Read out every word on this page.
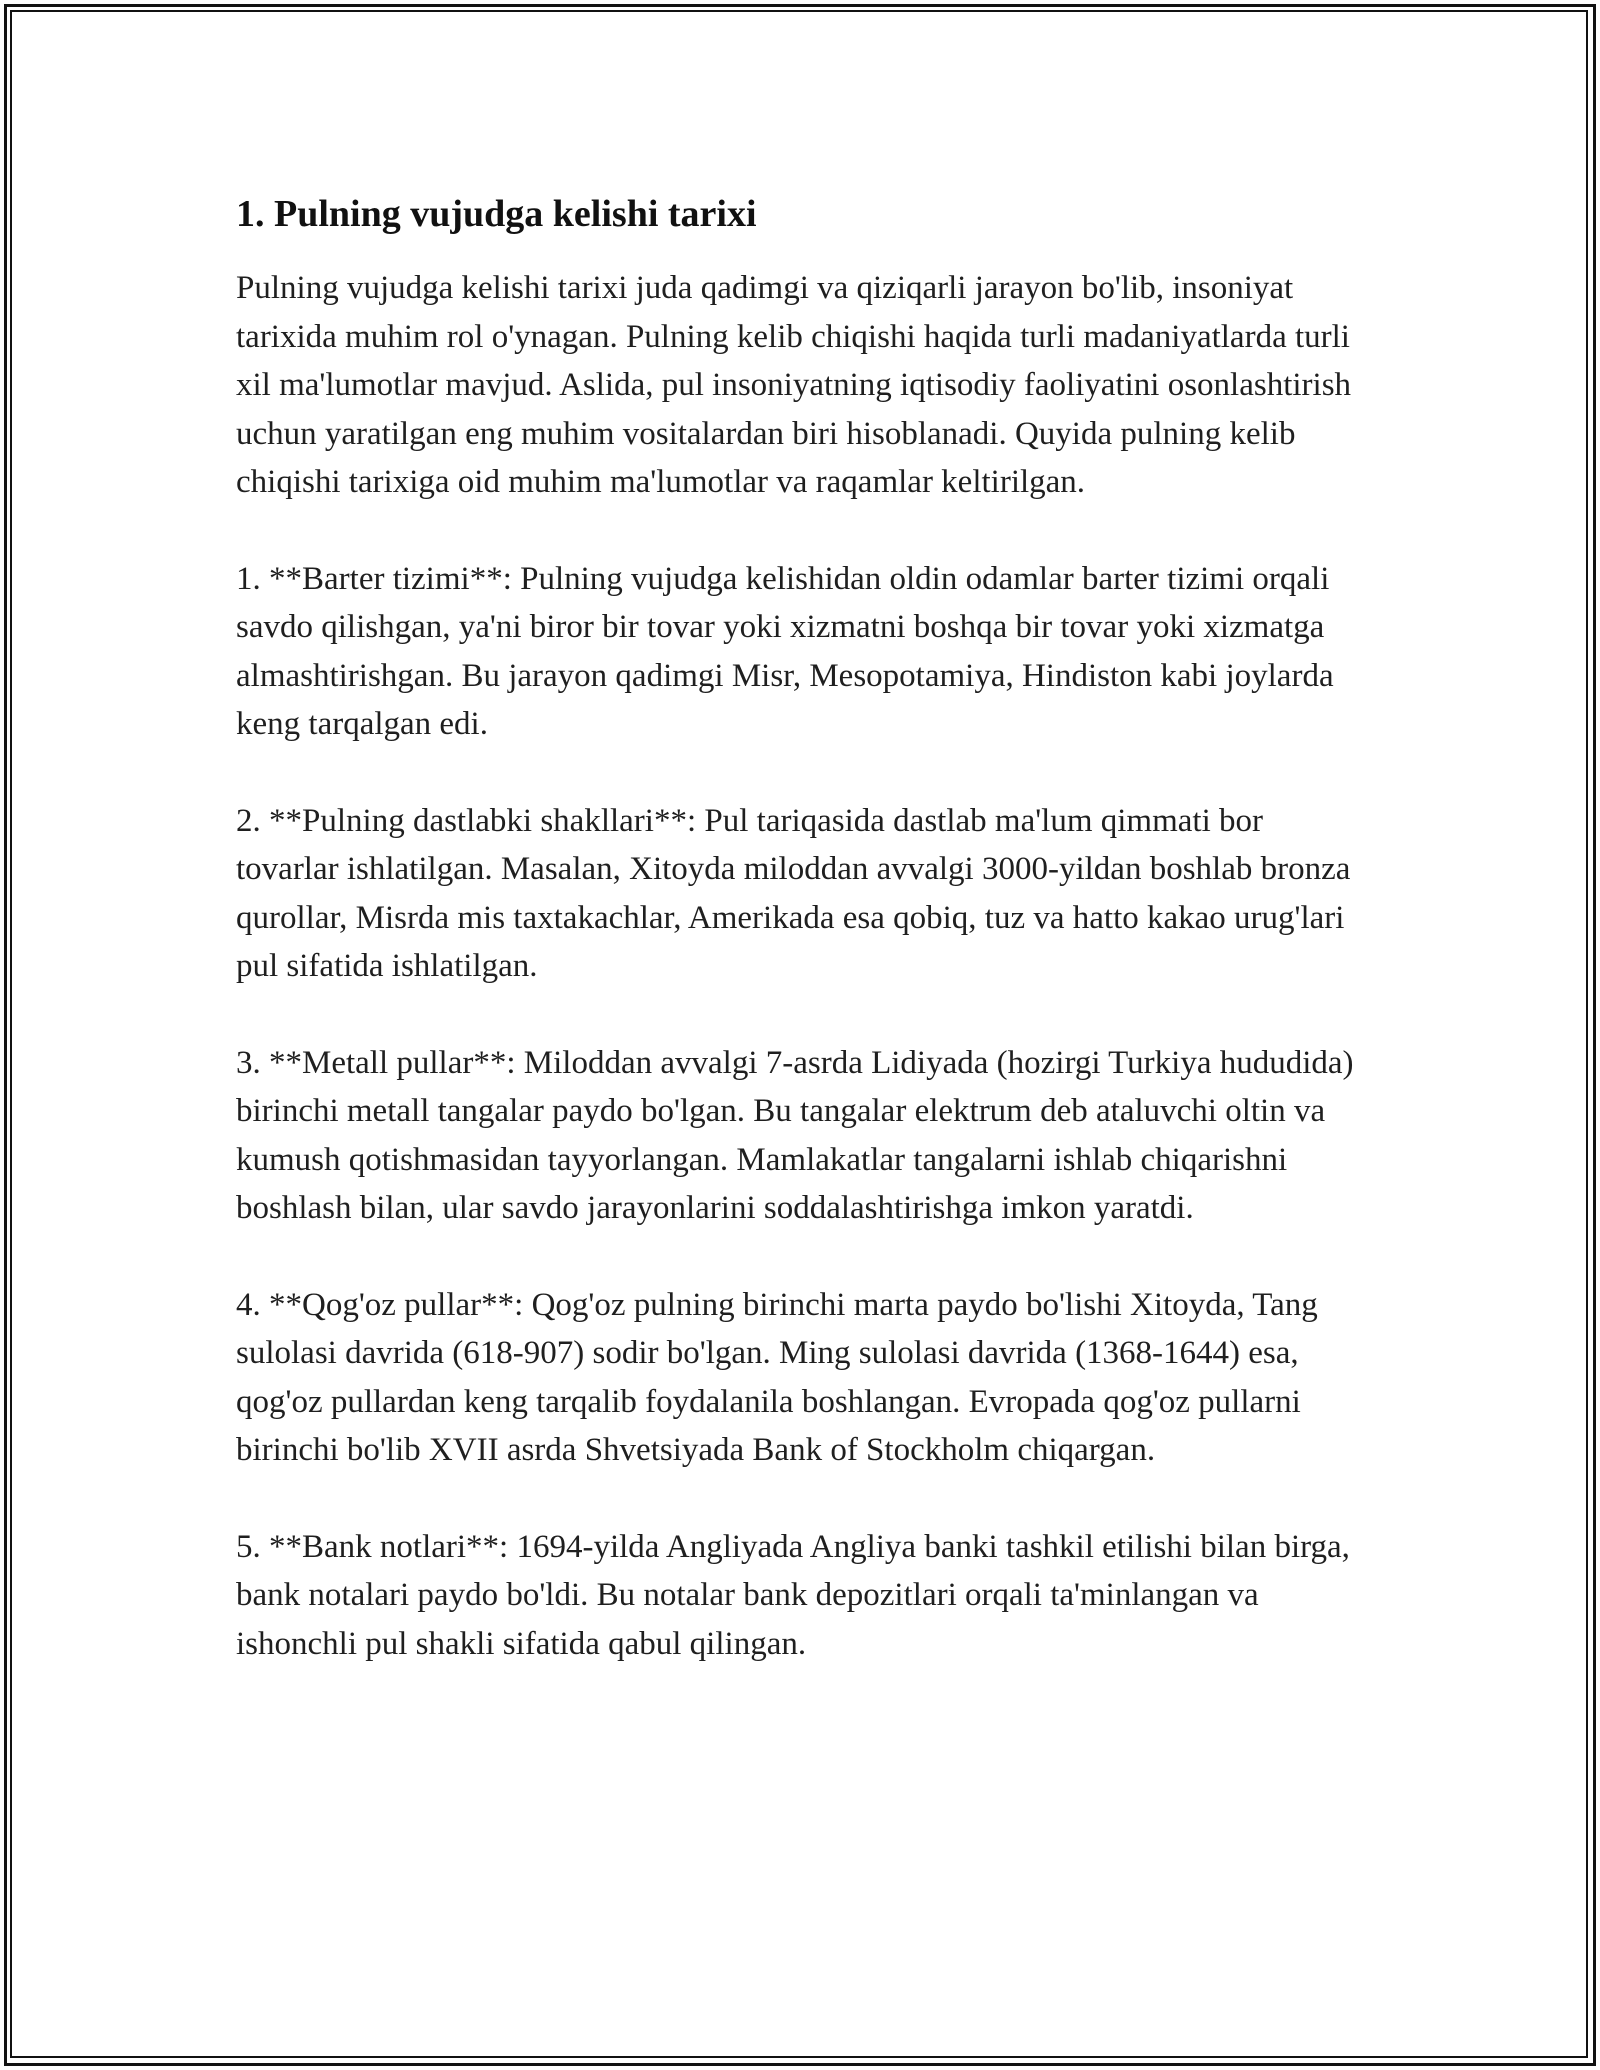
1. Pulning vujudga kelishi tarixi

Pulning vujudga kelishi tarixi juda qadimgi va qiziqarli jarayon bo'lib, insoniyat tarixida muhim rol o'ynagan. Pulning kelib chiqishi haqida turli madaniyatlarda turli xil ma'lumotlar mavjud. Aslida, pul insoniyatning iqtisodiy faoliyatini osonlashtirish uchun yaratilgan eng muhim vositalardan biri hisoblanadi. Quyida pulning kelib chiqishi tarixiga oid muhim ma'lumotlar va raqamlar keltirilgan.

1. **Barter tizimi**: Pulning vujudga kelishidan oldin odamlar barter tizimi orqali savdo qilishgan, ya'ni biror bir tovar yoki xizmatni boshqa bir tovar yoki xizmatga almashtirishgan. Bu jarayon qadimgi Misr, Mesopotamiya, Hindiston kabi joylarda keng tarqalgan edi.

2. **Pulning dastlabki shakllari**: Pul tariqasida dastlab ma'lum qimmati bor tovarlar ishlatilgan. Masalan, Xitoyda miloddan avvalgi 3000-yildan boshlab bronza qurollar, Misrda mis taxtakachlar, Amerikada esa qobiq, tuz va hatto kakao urug'lari pul sifatida ishlatilgan.

3. **Metall pullar**: Miloddan avvalgi 7-asrda Lidiyada (hozirgi Turkiya hududida) birinchi metall tangalar paydo bo'lgan. Bu tangalar elektrum deb ataluvchi oltin va kumush qotishmasidan tayyorlangan. Mamlakatlar tangalarni ishlab chiqarishni boshlash bilan, ular savdo jarayonlarini soddalashtirishga imkon yaratdi.

4. **Qog'oz pullar**: Qog'oz pulning birinchi marta paydo bo'lishi Xitoyda, Tang sulolasi davrida (618-907) sodir bo'lgan. Ming sulolasi davrida (1368-1644) esa, qog'oz pullardan keng tarqalib foydalanila boshlangan. Evropada qog'oz pullarni birinchi bo'lib XVII asrda Shvetsiyada Bank of Stockholm chiqargan.

5. **Bank notlari**: 1694-yilda Angliyada Angliya banki tashkil etilishi bilan birga, bank notalari paydo bo'ldi. Bu notalar bank depozitlari orqali ta'minlangan va ishonchli pul shakli sifatida qabul qilingan.
